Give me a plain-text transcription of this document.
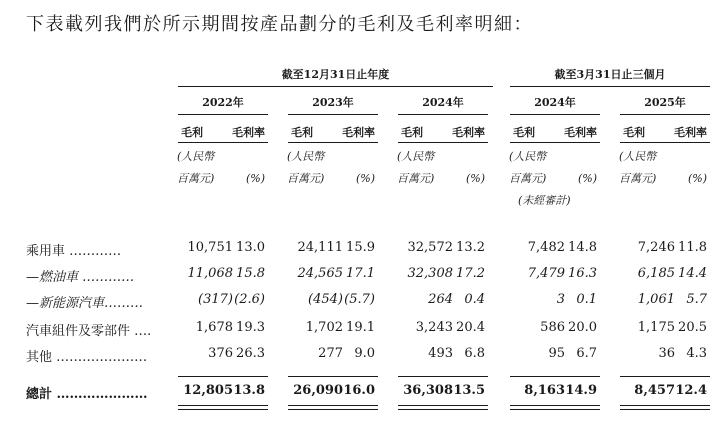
下表載列我們於所示期間按產品劃分的毛利及毛利率明細：
截至12月31日止年度	截至3月31日止三個月
2022年	2023年	2024年	2024年	2025年
毛利	毛利率
(人民幣
百萬元)	(%)
毛利	毛利率
(人民幣
百萬元)	(%)
毛利	毛利率
(人民幣
百萬元)	(%)
毛利	毛利率
(人民幣
百萬元)	(%)
毛利	毛利率
(人民幣
百萬元)	(%)
(未經審計)
乘用車 …………	10,751 13.0	24,111 15.9	32,572 13.2	7,482 14.8	7,246 11.8
—燃油車 …………	11,068 15.8	24,565 17.1	32,308 17.2	7,479 16.3	6,185 14.4
—新能源汽車………	(317) (2.6)	(454) (5.7)	264 0.4	3 0.1	1,061 5.7
汽車組件及零部件 ….	1,678 19.3	1,702 19.1	3,243 20.4	586 20.0	1,175 20.5
其他 …………………	376 26.3	277 9.0	493 6.8	95 6.7	36 4.3
總計 …………………	12,805 13.8	26,090 16.0	36,308 13.5	8,163 14.9	8,457 12.4
